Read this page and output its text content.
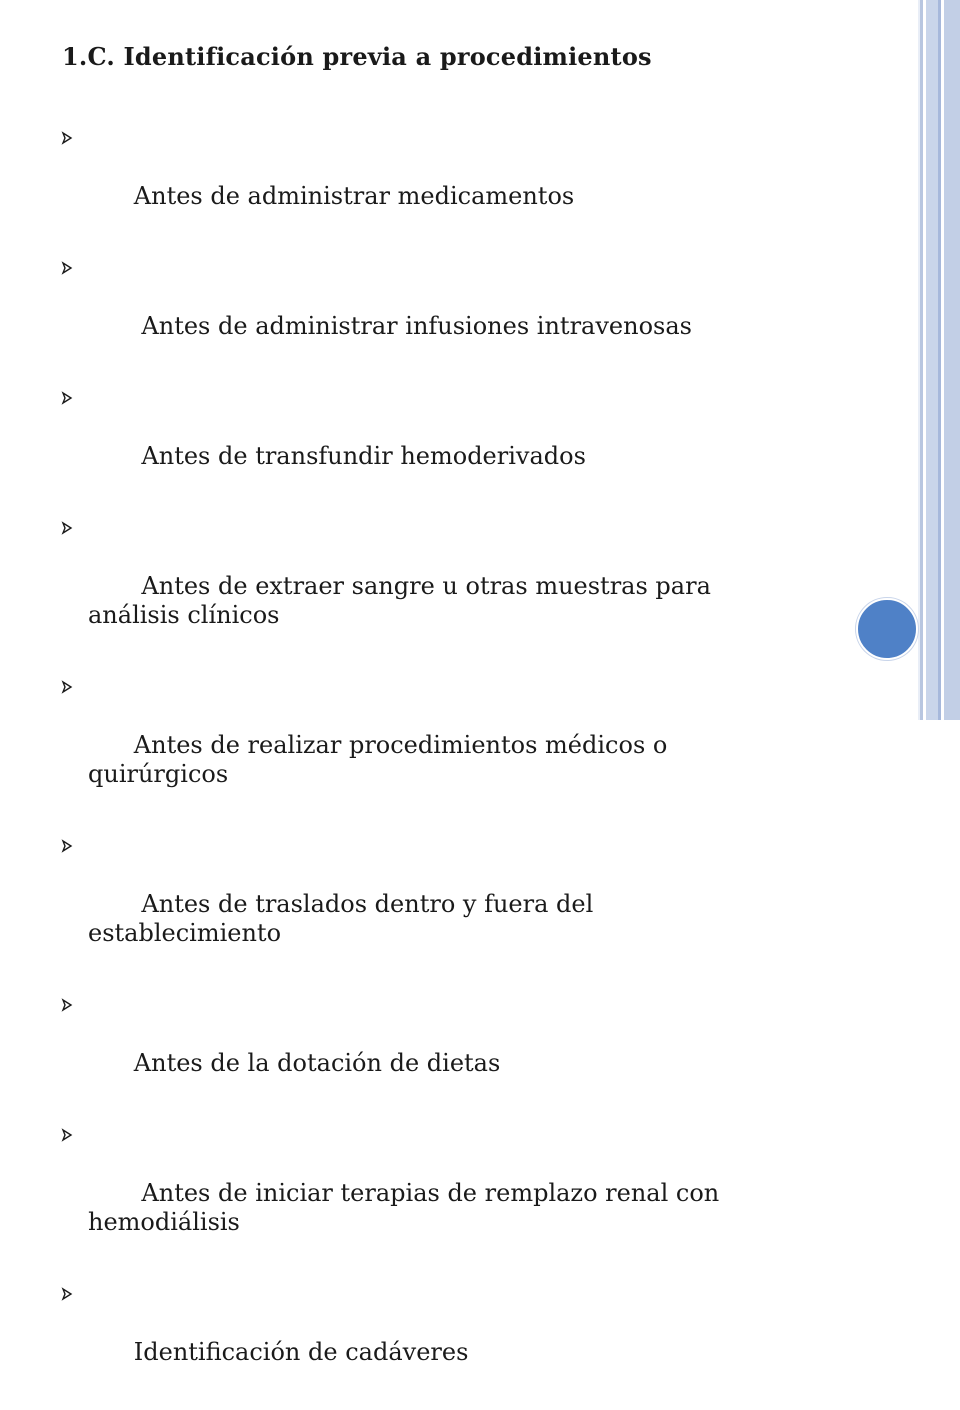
1.C. Identificación previa a procedimientos

Antes de administrar medicamentos

Antes de administrar infusiones intravenosas

Antes de transfundir hemoderivados

Antes de extraer sangre u otras muestras para
análisis clínicos

Antes de realizar procedimientos médicos o
quirúrgicos

Antes de traslados dentro y fuera del
establecimiento

Antes de la dotación de dietas

Antes de iniciar terapias de remplazo renal con
hemodiálisis

Identificación de cadáveres
